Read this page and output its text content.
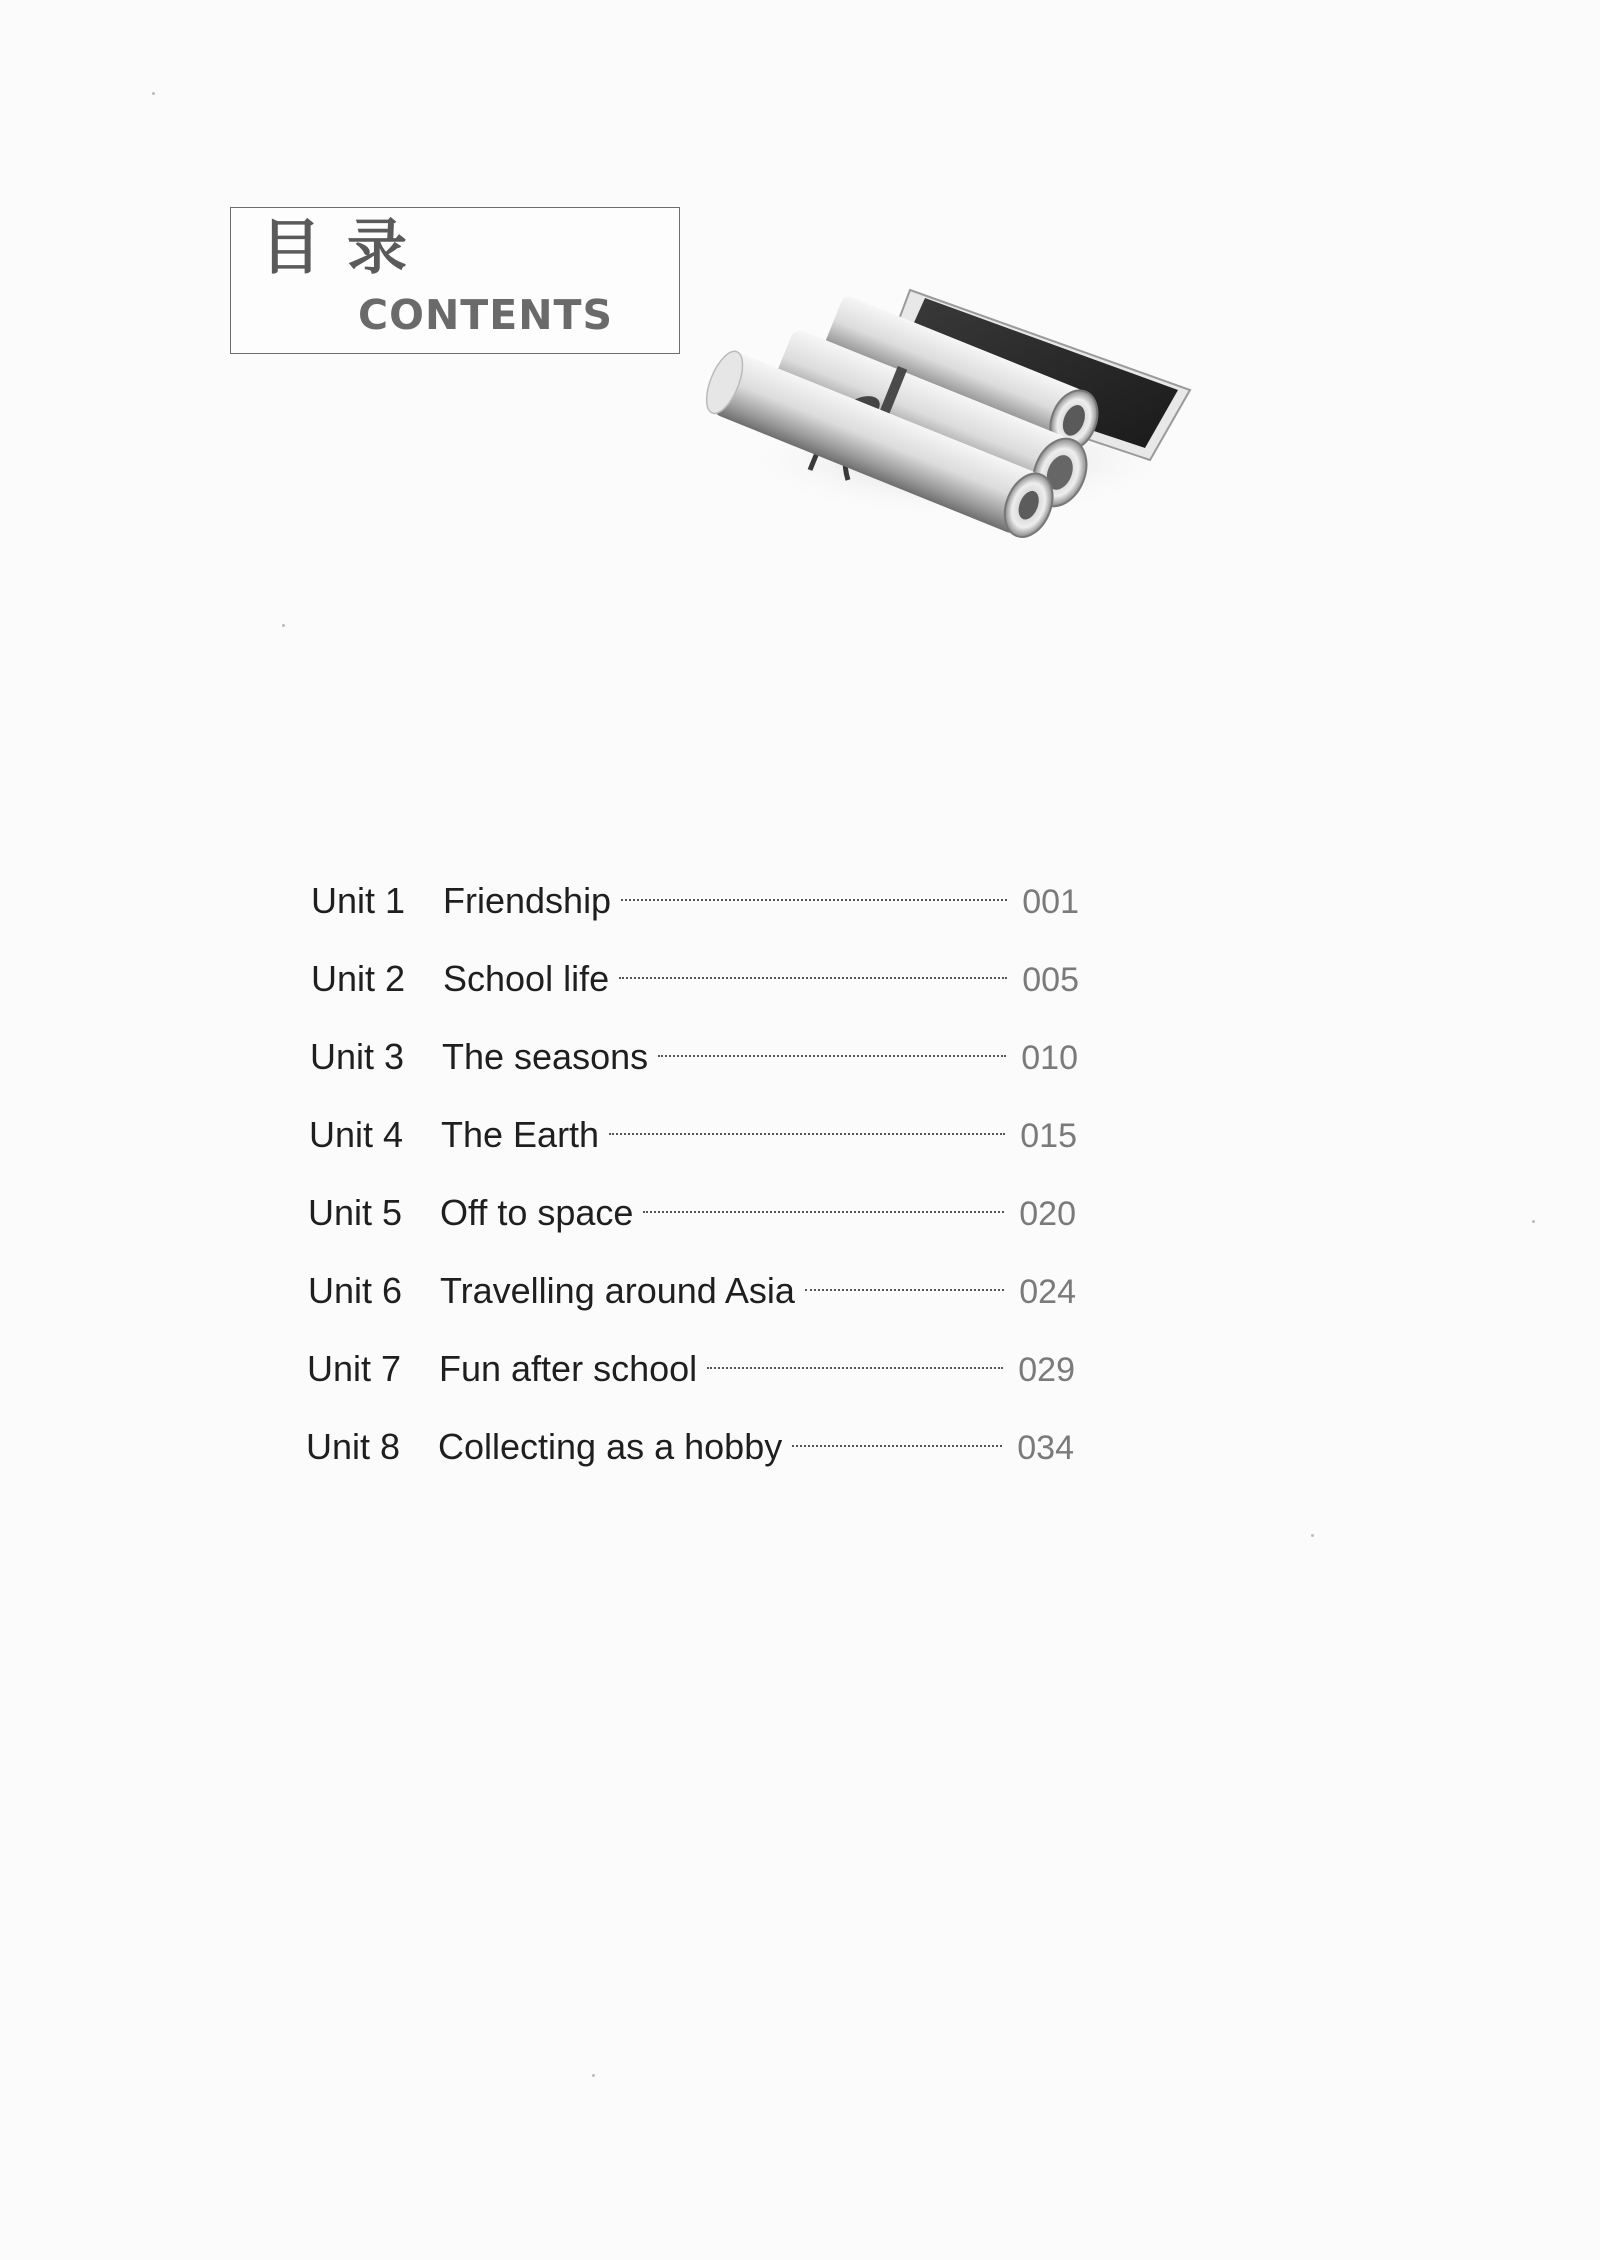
目录
CONTENTS
Unit 1	Friendship	001
Unit 2	School life	005
Unit 3	The seasons	010
Unit 4	The Earth	015
Unit 5	Off to space	020
Unit 6	Travelling around Asia	024
Unit 7	Fun after school	029
Unit 8	Collecting as a hobby	034
